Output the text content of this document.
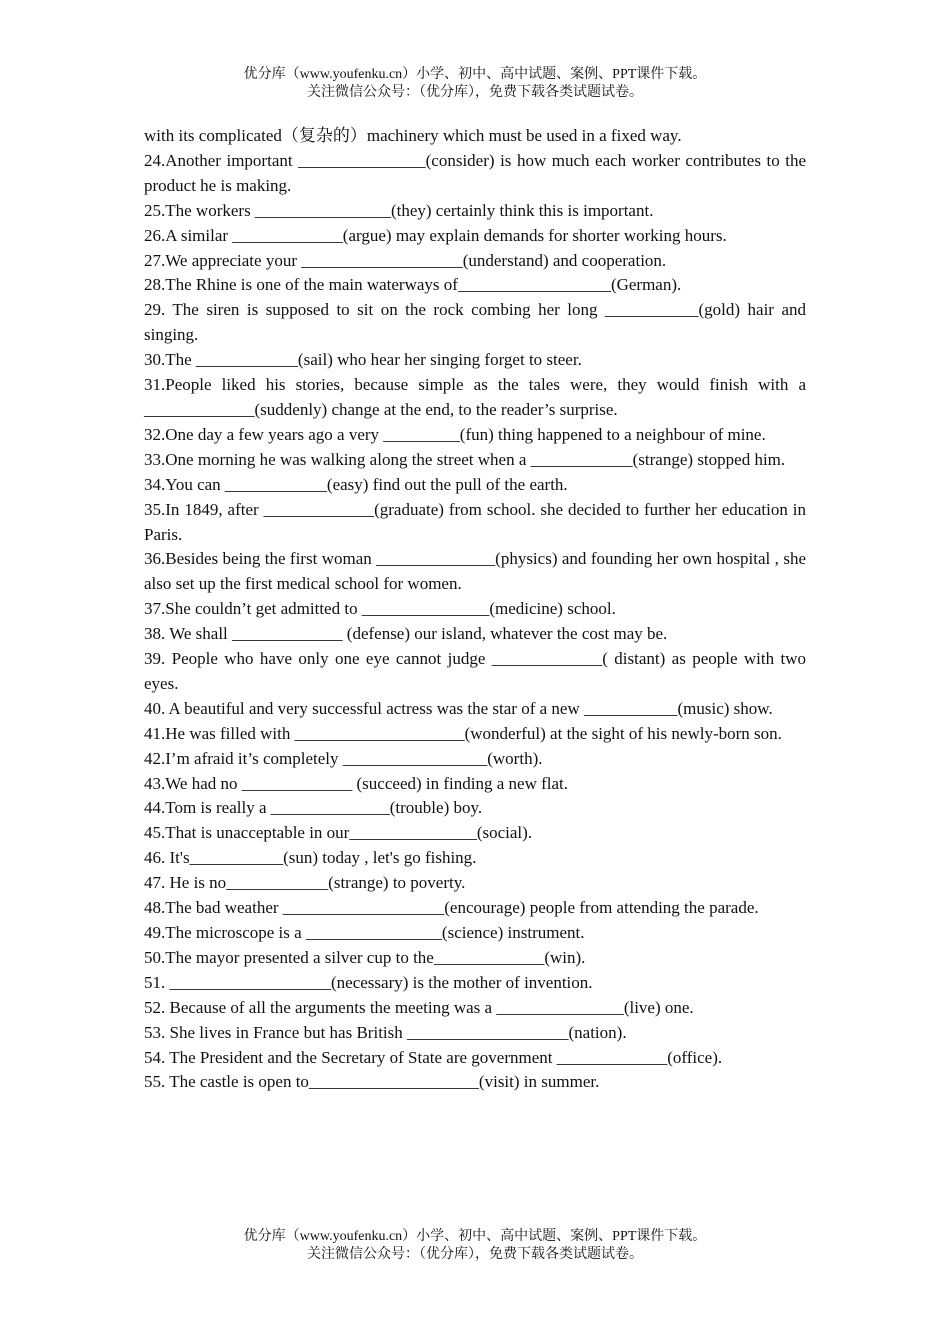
优分库（www.youfenku.cn）小学、初中、高中试题、案例、PPT课件下载。
关注微信公众号：（优分库），免费下载各类试题试卷。

with its complicated（复杂的）machinery which must be used in a fixed way.

24.Another important _______________(consider) is how much each worker contributes to the product he is making.

25.The workers ________________(they) certainly think this is important.

26.A similar _____________(argue) may explain demands for shorter working hours.

27.We appreciate your ___________________(understand) and cooperation.

28.The Rhine is one of the main waterways of__________________(German).

29. The siren is supposed to sit on the rock combing her long ___________(gold) hair and singing.

30.The ____________(sail) who hear her singing forget to steer.

31.People liked his stories, because simple as the tales were, they would finish with a _____________(suddenly) change at the end, to the reader’s surprise.

32.One day a few years ago a very _________(fun) thing happened to a neighbour of mine.

33.One morning he was walking along the street when a ____________(strange) stopped him.

34.You can ____________(easy) find out the pull of the earth.

35.In 1849, after _____________(graduate) from school. she decided to further her education in Paris.

36.Besides being the first woman ______________(physics) and founding her own hospital , she also set up the first medical school for women.

37.She couldn’t get admitted to _______________(medicine) school.

38. We shall _____________ (defense) our island, whatever the cost may be.

39. People who have only one eye cannot judge _____________( distant) as people with two eyes.

40. A beautiful and very successful actress was the star of a new ___________(music) show.

41.He was filled with ____________________(wonderful) at the sight of his newly-born son.

42.I’m afraid it’s completely _________________(worth).

43.We had no _____________ (succeed) in finding a new flat.

44.Tom is really a ______________(trouble) boy.

45.That is unacceptable in our_______________(social).

46. It's___________(sun) today , let's go fishing.

47. He is no____________(strange) to poverty.

48.The bad weather ___________________(encourage) people from attending the parade.

49.The microscope is a ________________(science) instrument.

50.The mayor presented a silver cup to the_____________(win).

51. ___________________(necessary) is the mother of invention.

52. Because of all the arguments the meeting was a _______________(live) one.

53. She lives in France but has British ___________________(nation).

54. The President and the Secretary of State are government _____________(office).

55. The castle is open to____________________(visit) in summer.

优分库（www.youfenku.cn）小学、初中、高中试题、案例、PPT课件下载。
关注微信公众号：（优分库），免费下载各类试题试卷。
